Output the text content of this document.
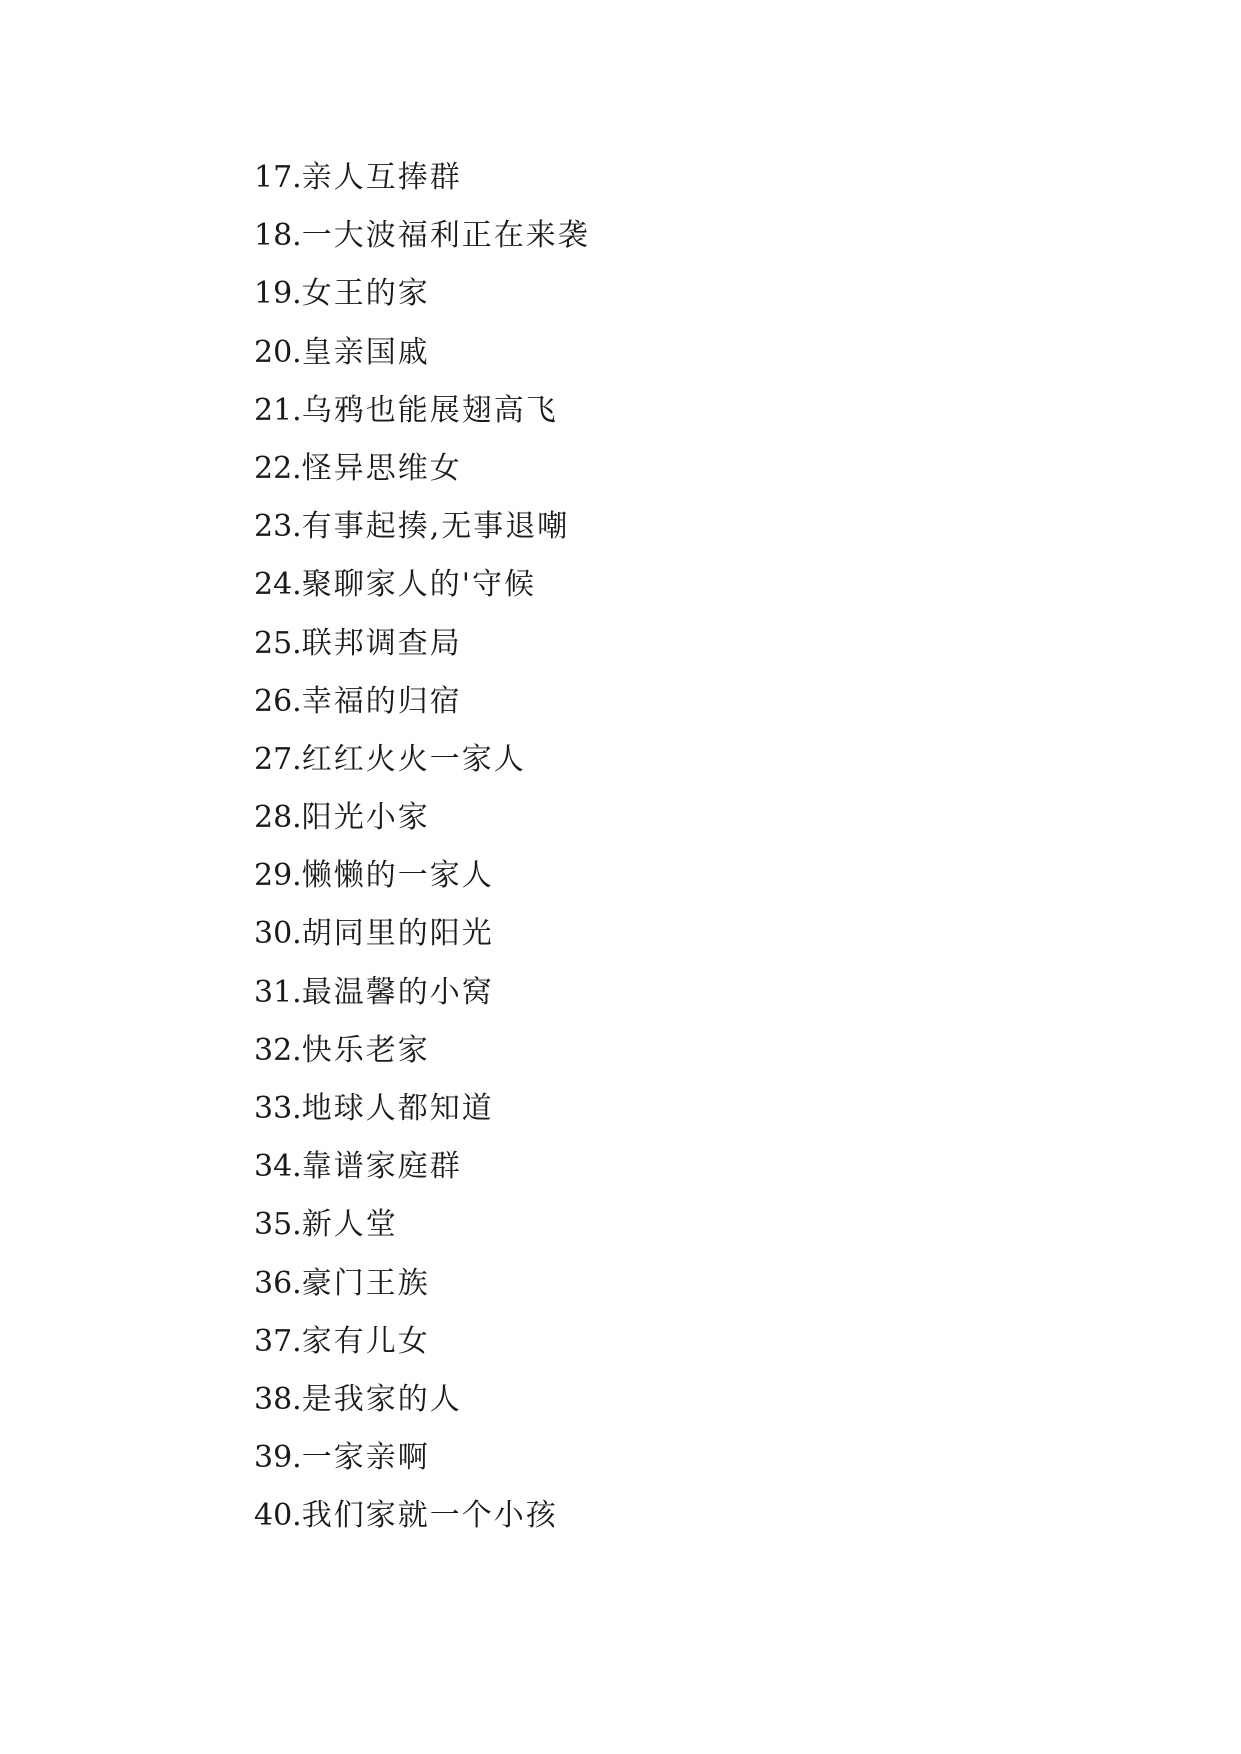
17.亲人互捧群
18.一大波福利正在来袭
19.女王的家
20.皇亲国戚
21.乌鸦也能展翅高飞
22.怪异思维女
23.有事起揍,无事退嘲
24.聚聊家人的'守候
25.联邦调查局
26.幸福的归宿
27.红红火火一家人
28.阳光小家
29.懒懒的一家人
30.胡同里的阳光
31.最温馨的小窝
32.快乐老家
33.地球人都知道
34.靠谱家庭群
35.新人堂
36.豪门王族
37.家有儿女
38.是我家的人
39.一家亲啊
40.我们家就一个小孩
